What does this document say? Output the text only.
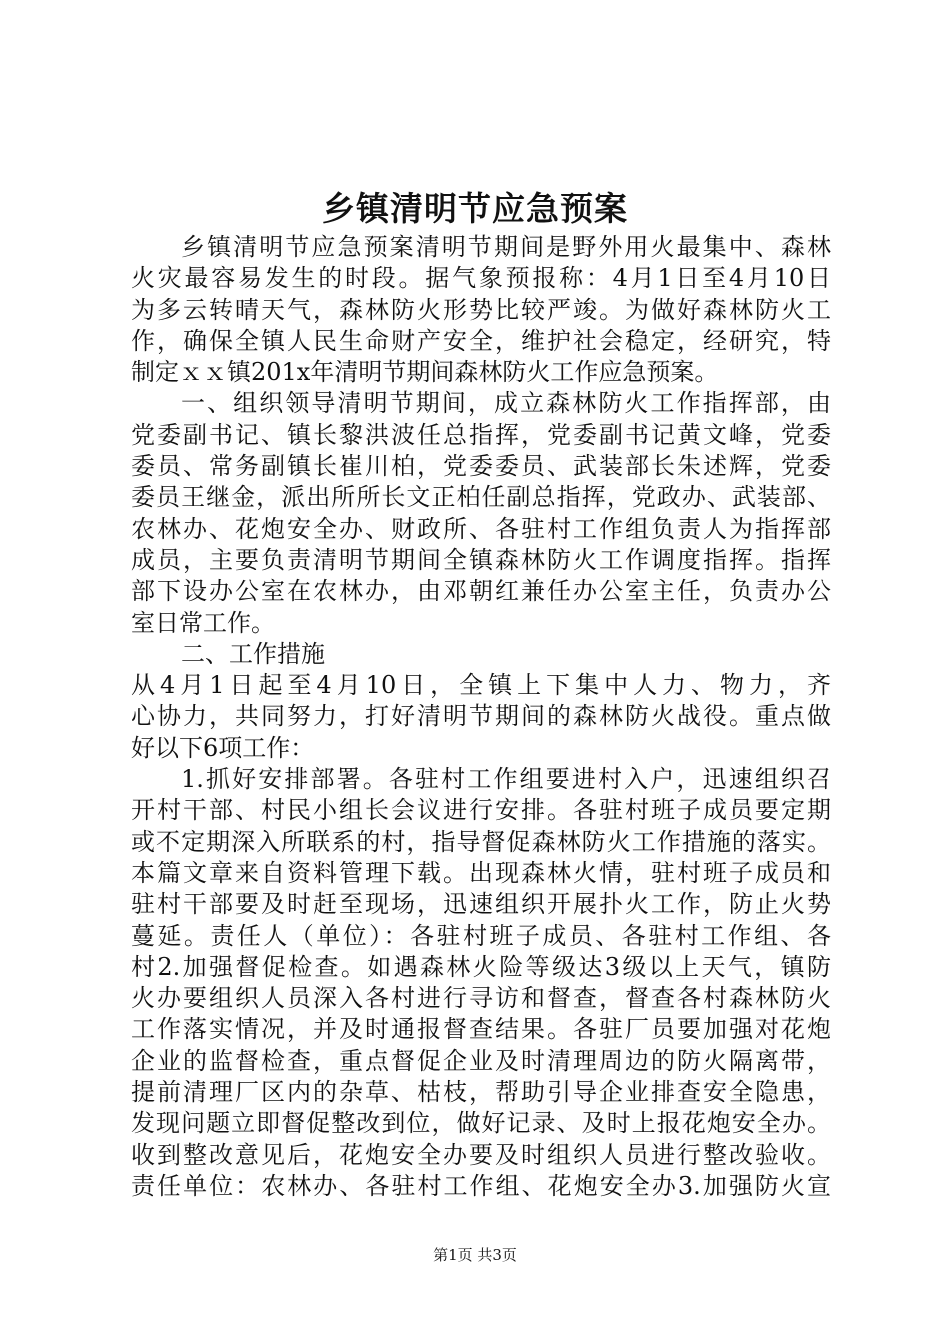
乡镇清明节应急预案
乡镇清明节应急预案清明节期间是野外用火最集中、森林
火灾最容易发生的时段。据气象预报称：4月1日至4月10日
为多云转晴天气，森林防火形势比较严竣。为做好森林防火工
作，确保全镇人民生命财产安全，维护社会稳定，经研究，特
制定ｘｘ镇201x年清明节期间森林防火工作应急预案。
一、组织领导清明节期间，成立森林防火工作指挥部，由
党委副书记、镇长黎洪波任总指挥，党委副书记黄文峰，党委
委员、常务副镇长崔川柏，党委委员、武装部长朱述辉，党委
委员王继金，派出所所长文正柏任副总指挥，党政办、武装部、
农林办、花炮安全办、财政所、各驻村工作组负责人为指挥部
成员，主要负责清明节期间全镇森林防火工作调度指挥。指挥
部下设办公室在农林办，由邓朝红兼任办公室主任，负责办公
室日常工作。
二、工作措施
从4月1日起至4月10日，全镇上下集中人力、物力，齐
心协力，共同努力，打好清明节期间的森林防火战役。重点做
好以下6项工作：
1.抓好安排部署。各驻村工作组要进村入户，迅速组织召
开村干部、村民小组长会议进行安排。各驻村班子成员要定期
或不定期深入所联系的村，指导督促森林防火工作措施的落实。
本篇文章来自资料管理下载。出现森林火情，驻村班子成员和
驻村干部要及时赶至现场，迅速组织开展扑火工作，防止火势
蔓延。责任人（单位）：各驻村班子成员、各驻村工作组、各
村2.加强督促检查。如遇森林火险等级达3级以上天气，镇防
火办要组织人员深入各村进行寻访和督查，督查各村森林防火
工作落实情况，并及时通报督查结果。各驻厂员要加强对花炮
企业的监督检查，重点督促企业及时清理周边的防火隔离带，
提前清理厂区内的杂草、枯枝，帮助引导企业排查安全隐患，
发现问题立即督促整改到位，做好记录、及时上报花炮安全办。
收到整改意见后，花炮安全办要及时组织人员进行整改验收。
责任单位：农林办、各驻村工作组、花炮安全办3.加强防火宣
第1页 共3页
